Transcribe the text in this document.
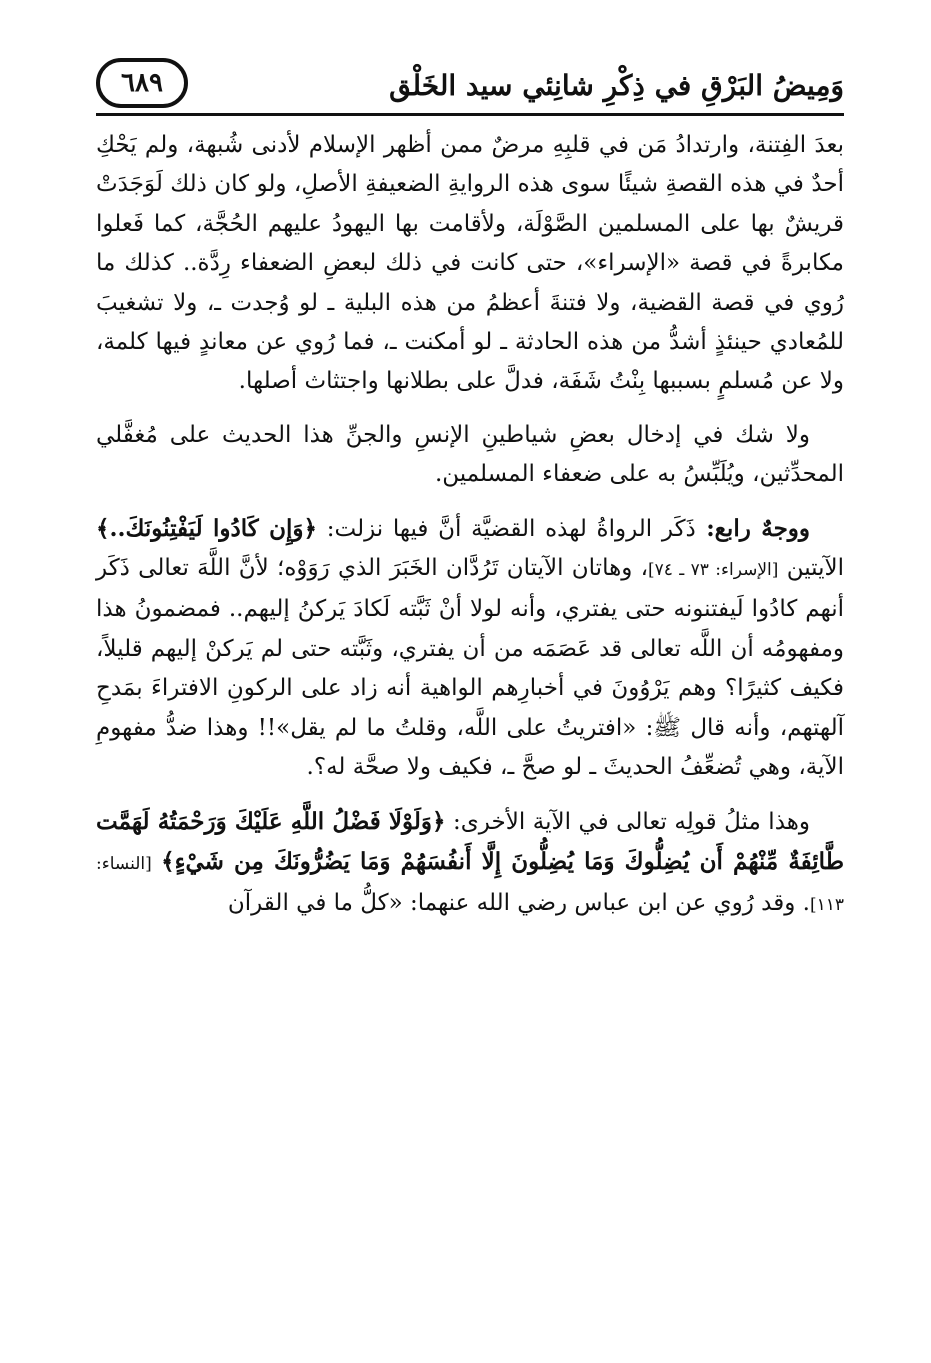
وَمِيضُ البَرْقِ في ذِكْرِ شانِئي سيد الخَلْق
٦٨٩

بعدَ الفِتنة، وارتدادُ مَن في قلبِهِ مرضٌ ممن أظهر الإسلام لأدنى شُبهة، ولم يَحْكِ أحدٌ في هذه القصةِ شيئًا سوى هذه الروايةِ الضعيفةِ الأصلِ، ولو كان ذلك لَوَجَدَتْ قريشٌ بها على المسلمين الصَّوْلَة، ولأقامت بها اليهودُ عليهم الحُجَّة، كما فَعلوا مكابرةً في قصة «الإسراء»، حتى كانت في ذلك لبعضِ الضعفاء رِدَّة.. كذلك ما رُوي في قصة القضية، ولا فتنةَ أعظمُ من هذه البلية ـ لو وُجدت ـ، ولا تشغيبَ للمُعادي حينئذٍ أشدُّ من هذه الحادثة ـ لو أمكنت ـ، فما رُوي عن معاندٍ فيها كلمة، ولا عن مُسلمٍ بسببها بِنْتُ شَفَة، فدلَّ على بطلانها واجتثاث أصلها.

ولا شك في إدخال بعضِ شياطينِ الإنسِ والجنِّ هذا الحديث على مُغفَّلي المحدِّثين، ويُلَبِّسُ به على ضعفاء المسلمين.

ووجهٌ رابع: ذَكَر الرواةُ لهذه القضيَّة أنَّ فيها نزلت: ﴿وَإِن كَادُوا لَيَفْتِنُونَكَ..﴾ الآيتين [الإسراء: ٧٣ ـ ٧٤]، وهاتان الآيتان تَرُدَّان الخَبَرَ الذي رَوَوْه؛ لأنَّ اللَّهَ تعالى ذَكَر أنهم كادُوا لَيفتنونه حتى يفتري، وأنه لولا أنْ ثَبَّته لَكادَ يَركنُ إليهم.. فمضمونُ هذا ومفهومُه أن اللَّه تعالى قد عَصَمَه من أن يفتري، وثَبَّته حتى لم يَركنْ إليهم قليلاً، فكيف كثيرًا؟ وهم يَرْوُونَ في أخبارِهم الواهية أنه زاد على الركونِ الافتراءَ بمَدحِ آلهتهم، وأنه قال ﷺ: «افتريتُ على اللَّه، وقلتُ ما لم يقل»!! وهذا ضدُّ مفهومِ الآية، وهي تُضعِّفُ الحديثَ ـ لو صحَّ ـ، فكيف ولا صحَّة له؟.

وهذا مثلُ قولِه تعالى في الآية الأخرى: ﴿وَلَوْلَا فَضْلُ اللَّهِ عَلَيْكَ وَرَحْمَتُهُ لَهَمَّت طَّائِفَةٌ مِّنْهُمْ أَن يُضِلُّوكَ وَمَا يُضِلُّونَ إِلَّا أَنفُسَهُمْ وَمَا يَضُرُّونَكَ مِن شَيْءٍ﴾ [النساء: ١١٣]. وقد رُوي عن ابن عباس رضي الله عنهما: «كلُّ ما في القرآن
